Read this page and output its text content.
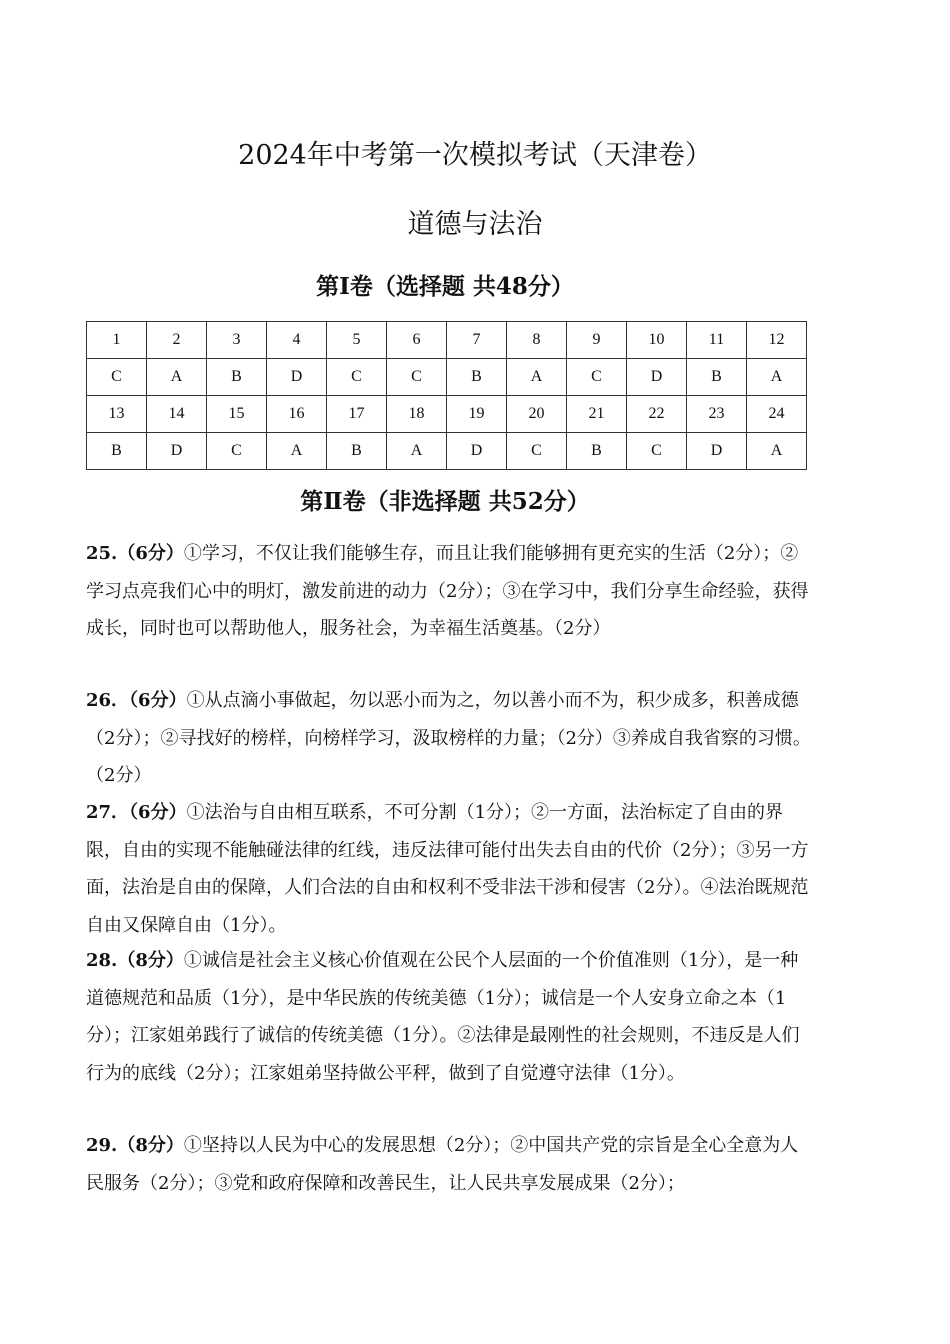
2024年中考第一次模拟考试（天津卷）
道德与法治
第Ⅰ卷（选择题 共48分）
1	2	3	4	5	6	7	8	9	10	11	12
C	A	B	D	C	C	B	A	C	D	B	A
13	14	15	16	17	18	19	20	21	22	23	24
B	D	C	A	B	A	D	C	B	C	D	A
第Ⅱ卷（非选择题 共52分）

25.（6分）①学习，不仅让我们能够生存，而且让我们能够拥有更充实的生活（2分）；②学习点亮我们心中的明灯，激发前进的动力（2分）；③在学习中，我们分享生命经验，获得成长，同时也可以帮助他人，服务社会，为幸福生活奠基。（2分）

26．（6分）①从点滴小事做起，勿以恶小而为之，勿以善小而不为，积少成多，积善成德（2分）；②寻找好的榜样，向榜样学习，汲取榜样的力量；（2分）③养成自我省察的习惯。（2分）

27．（6分）①法治与自由相互联系，不可分割（1分）；②一方面，法治标定了自由的界限，自由的实现不能触碰法律的红线，违反法律可能付出失去自由的代价（2分）；③另一方面，法治是自由的保障，人们合法的自由和权利不受非法干涉和侵害（2分）。④法治既规范自由又保障自由（1分）。

28.（8分）①诚信是社会主义核心价值观在公民个人层面的一个价值准则（1分），是一种道德规范和品质（1分），是中华民族的传统美德（1分）；诚信是一个人安身立命之本（1分）；江家姐弟践行了诚信的传统美德（1分）。②法律是最刚性的社会规则，不违反是人们行为的底线（2分）；江家姐弟坚持做公平秤，做到了自觉遵守法律（1分）。

29.（8分）①坚持以人民为中心的发展思想（2分）；②中国共产党的宗旨是全心全意为人民服务（2分）；③党和政府保障和改善民生，让人民共享发展成果（2分）；
